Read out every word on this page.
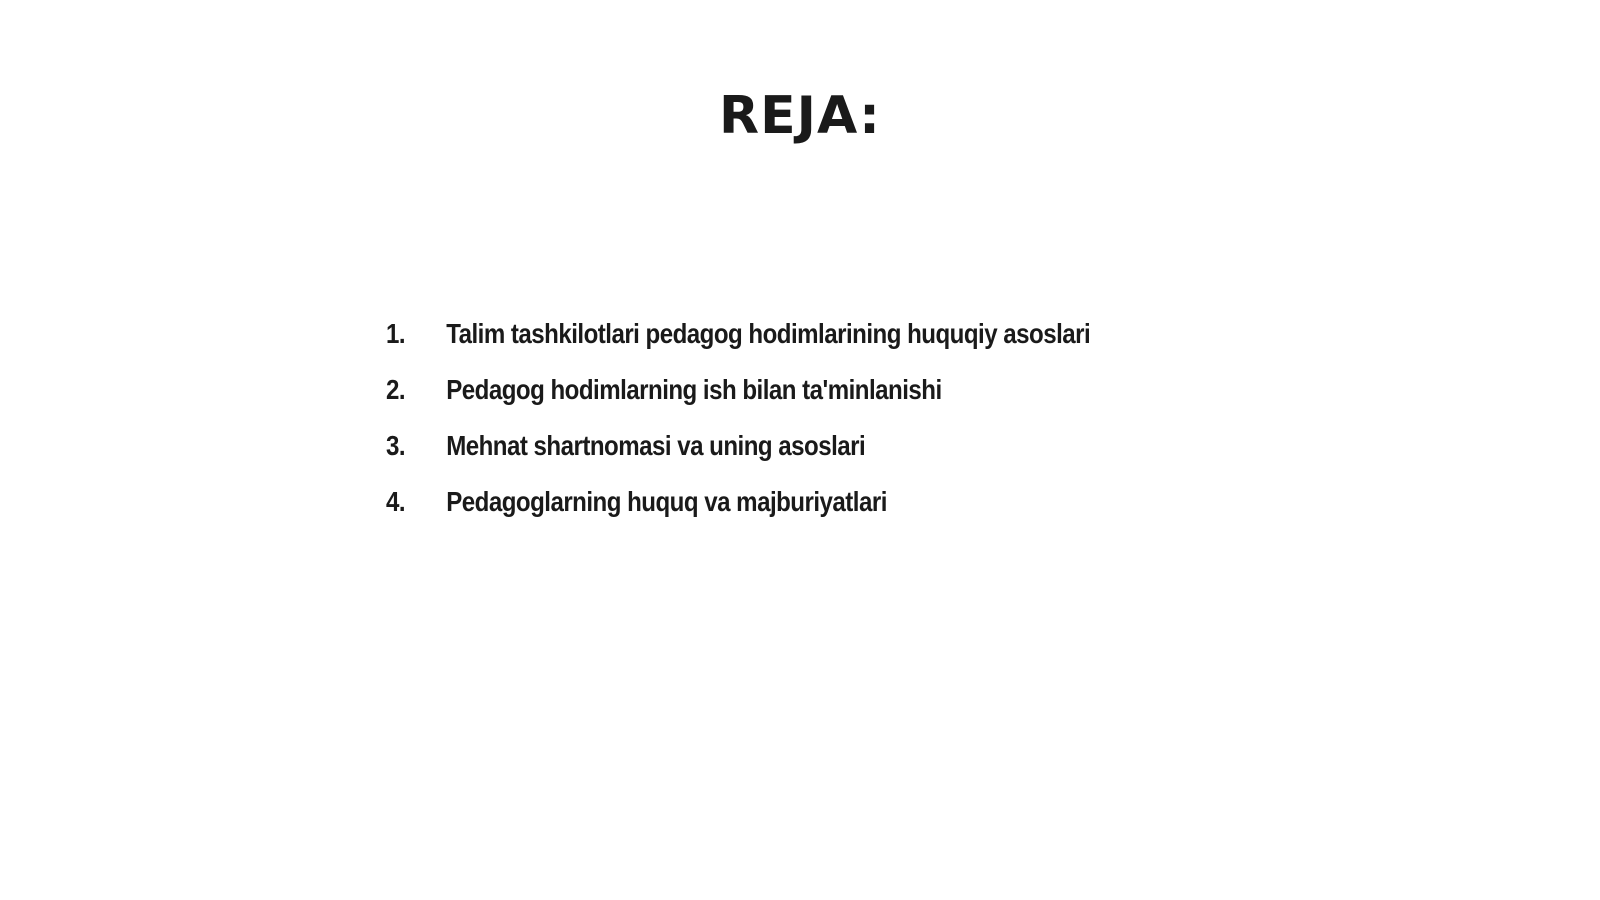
REJA:
1.	Talim tashkilotlari pedagog hodimlarining huquqiy asoslari
2.	Pedagog hodimlarning ish bilan ta'minlanishi
3.	Mehnat shartnomasi va uning asoslari
4.	Pedagoglarning huquq va majburiyatlari
